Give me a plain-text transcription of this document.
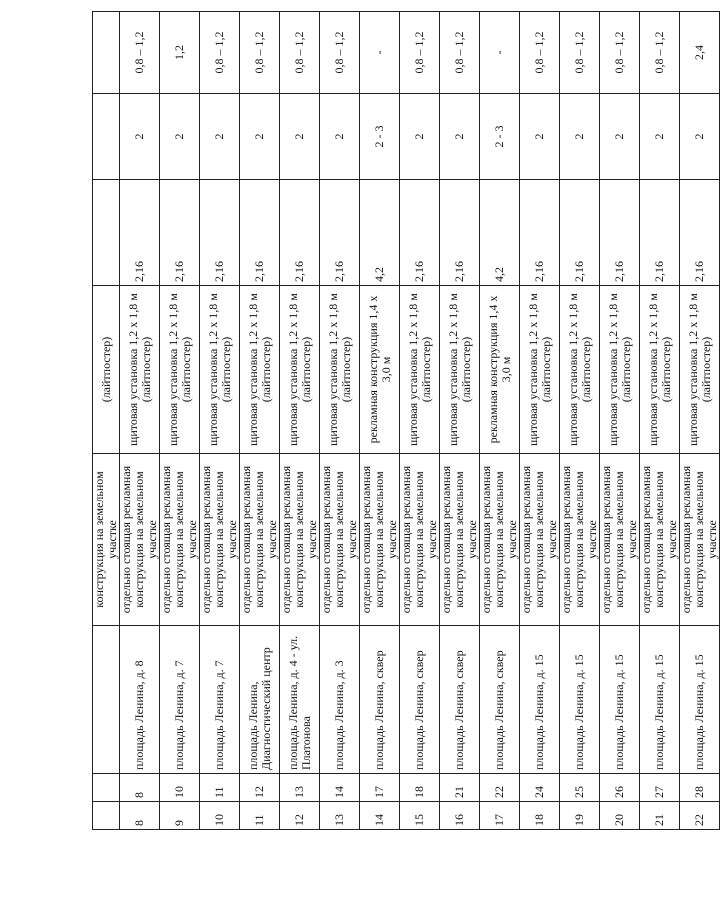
			конструкция на земельном участке	(лайтпостер)			
8	8	площадь Ленина, д. 8	отдельно стоящая рекламная конструкция на земельном участке	щитовая установка 1,2 х 1,8 м (лайтпостер)	2,16	2	0,8 – 1,2
9	10	площадь Ленина, д. 7	отдельно стоящая рекламная конструкция на земельном участке	щитовая установка 1,2 х 1,8 м (лайтпостер)	2,16	2	1,2
10	11	площадь Ленина, д. 7	отдельно стоящая рекламная конструкция на земельном участке	щитовая установка 1,2 х 1,8 м (лайтпостер)	2,16	2	0,8 – 1,2
11	12	площадь Ленина, Диагностический центр	отдельно стоящая рекламная конструкция на земельном участке	щитовая установка 1,2 х 1,8 м (лайтпостер)	2,16	2	0,8 – 1,2
12	13	площадь Ленина, д. 4 - ул. Платонова	отдельно стоящая рекламная конструкция на земельном участке	щитовая установка 1,2 х 1,8 м (лайтпостер)	2,16	2	0,8 – 1,2
13	14	площадь Ленина, д. 3	отдельно стоящая рекламная конструкция на земельном участке	щитовая установка 1,2 х 1,8 м (лайтпостер)	2,16	2	0,8 – 1,2
14	17	площадь Ленина, сквер	отдельно стоящая рекламная конструкция на земельном участке	рекламная конструкция 1,4 х 3,0 м	4,2	2 - 3	-
15	18	площадь Ленина, сквер	отдельно стоящая рекламная конструкция на земельном участке	щитовая установка 1,2 х 1,8 м (лайтпостер)	2,16	2	0,8 – 1,2
16	21	площадь Ленина, сквер	отдельно стоящая рекламная конструкция на земельном участке	щитовая установка 1,2 х 1,8 м (лайтпостер)	2,16	2	0,8 – 1,2
17	22	площадь Ленина, сквер	отдельно стоящая рекламная конструкция на земельном участке	рекламная конструкция 1,4 х 3,0 м	4,2	2 - 3	-
18	24	площадь Ленина, д. 15	отдельно стоящая рекламная конструкция на земельном участке	щитовая установка 1,2 х 1,8 м (лайтпостер)	2,16	2	0,8 – 1,2
19	25	площадь Ленина, д. 15	отдельно стоящая рекламная конструкция на земельном участке	щитовая установка 1,2 х 1,8 м (лайтпостер)	2,16	2	0,8 – 1,2
20	26	площадь Ленина, д. 15	отдельно стоящая рекламная конструкция на земельном участке	щитовая установка 1,2 х 1,8 м (лайтпостер)	2,16	2	0,8 – 1,2
21	27	площадь Ленина, д. 15	отдельно стоящая рекламная конструкция на земельном участке	щитовая установка 1,2 х 1,8 м (лайтпостер)	2,16	2	0,8 – 1,2
22	28	площадь Ленина, д. 15	отдельно стоящая рекламная конструкция на земельном участке	щитовая установка 1,2 х 1,8 м (лайтпостер)	2,16	2	2,4
